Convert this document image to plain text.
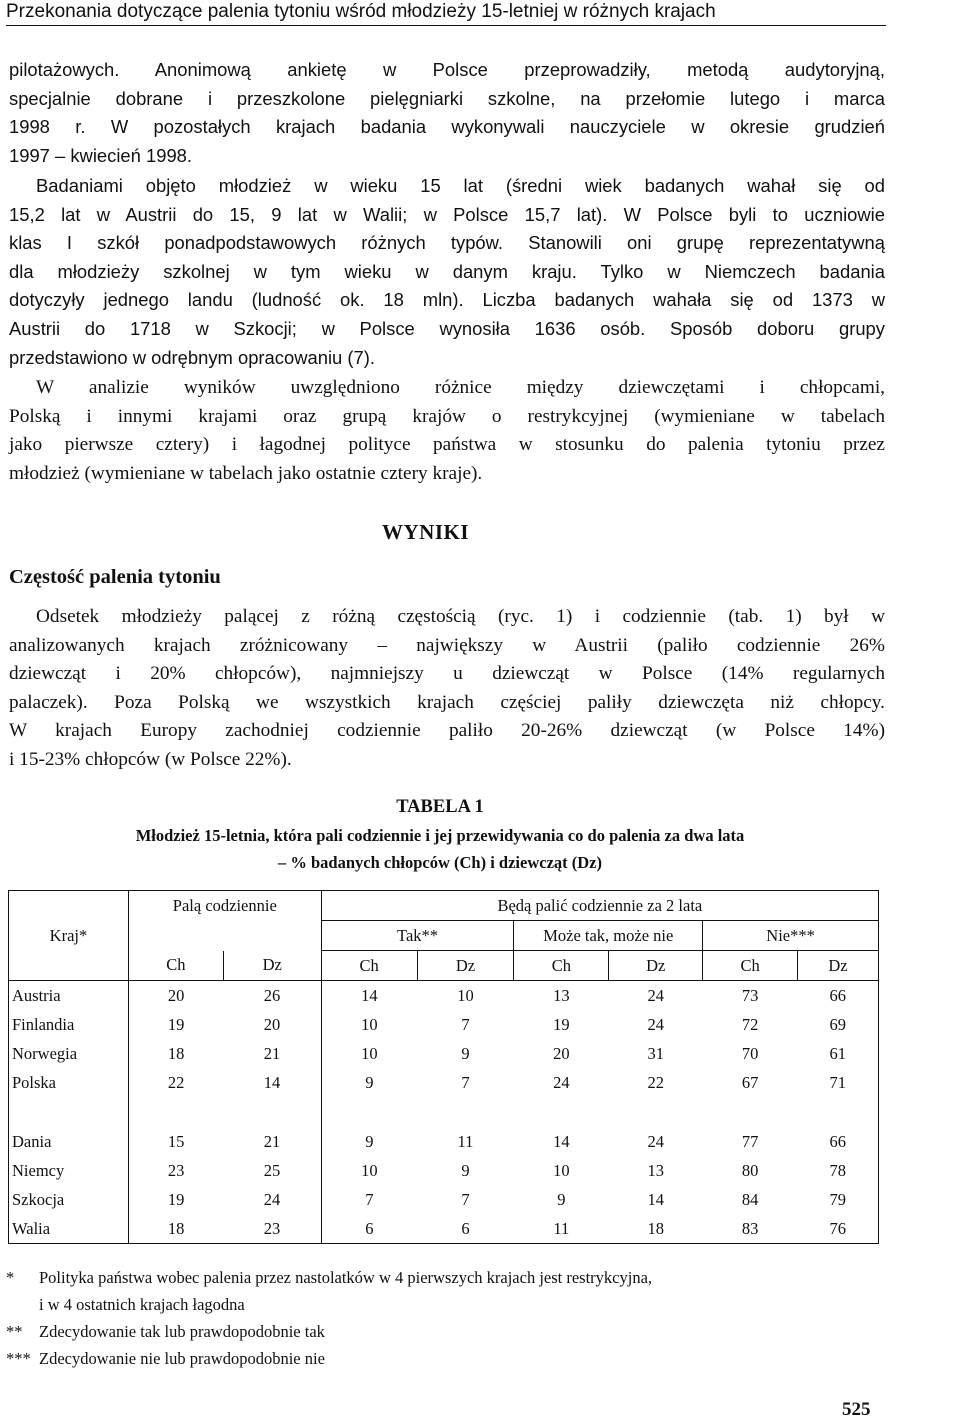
Przekonania dotyczące palenia tytoniu wśród młodzieży 15-letniej w różnych krajach
pilotażowych. Anonimową ankietę w Polsce przeprowadziły, metodą audytoryjną,
specjalnie dobrane i przeszkolone pielęgniarki szkolne, na przełomie lutego i marca
1998 r. W pozostałych krajach badania wykonywali nauczyciele w okresie grudzień
1997 – kwiecień 1998.
Badaniami objęto młodzież w wieku 15 lat (średni wiek badanych wahał się od
15,2 lat w Austrii do 15, 9 lat w Walii; w Polsce 15,7 lat). W Polsce byli to uczniowie
klas I szkół ponadpodstawowych różnych typów. Stanowili oni grupę reprezentatywną
dla młodzieży szkolnej w tym wieku w danym kraju. Tylko w Niemczech badania
dotyczyły jednego landu (ludność ok. 18 mln). Liczba badanych wahała się od 1373 w
Austrii do 1718 w Szkocji; w Polsce wynosiła 1636 osób. Sposób doboru grupy
przedstawiono w odrębnym opracowaniu (7).
W analizie wyników uwzględniono różnice między dziewczętami i chłopcami,
Polską i innymi krajami oraz grupą krajów o restrykcyjnej (wymieniane w tabelach
jako pierwsze cztery) i łagodnej polityce państwa w stosunku do palenia tytoniu przez
młodzież (wymieniane w tabelach jako ostatnie cztery kraje).
WYNIKI
Częstość palenia tytoniu
Odsetek młodzieży palącej z różną częstością (ryc. 1) i codziennie (tab. 1) był w
analizowanych krajach zróżnicowany – największy w Austrii (paliło codziennie 26%
dziewcząt i 20% chłopców), najmniejszy u dziewcząt w Polsce (14% regularnych
palaczek). Poza Polską we wszystkich krajach częściej paliły dziewczęta niż chłopcy.
W krajach Europy zachodniej codziennie paliło 20-26% dziewcząt (w Polsce 14%)
i 15-23% chłopców (w Polsce 22%).
TABELA 1
Młodzież 15-letnia, która pali codziennie i jej przewidywania co do palenia za dwa lata
– % badanych chłopców (Ch) i dziewcząt (Dz)
Kraj*	Palą codziennie		Będą palić codziennie za 2 lata					
			Tak**		Może tak, może nie		Nie***	
	Ch	Dz	Ch	Dz	Ch	Dz	Ch	Dz
Austria	20	26	14	10	13	24	73	66
Finlandia	19	20	10	7	19	24	72	69
Norwegia	18	21	10	9	20	31	70	61
Polska	22	14	9	7	24	22	67	71

Dania	15	21	9	11	14	24	77	66
Niemcy	23	25	10	9	10	13	80	78
Szkocja	19	24	7	7	9	14	84	79
Walia	18	23	6	6	11	18	83	76
*	Polityka państwa wobec palenia przez nastolatków w 4 pierwszych krajach jest restrykcyjna,
i w 4 ostatnich krajach łagodna
**	Zdecydowanie tak lub prawdopodobnie tak
*** Zdecydowanie nie lub prawdopodobnie nie
525
